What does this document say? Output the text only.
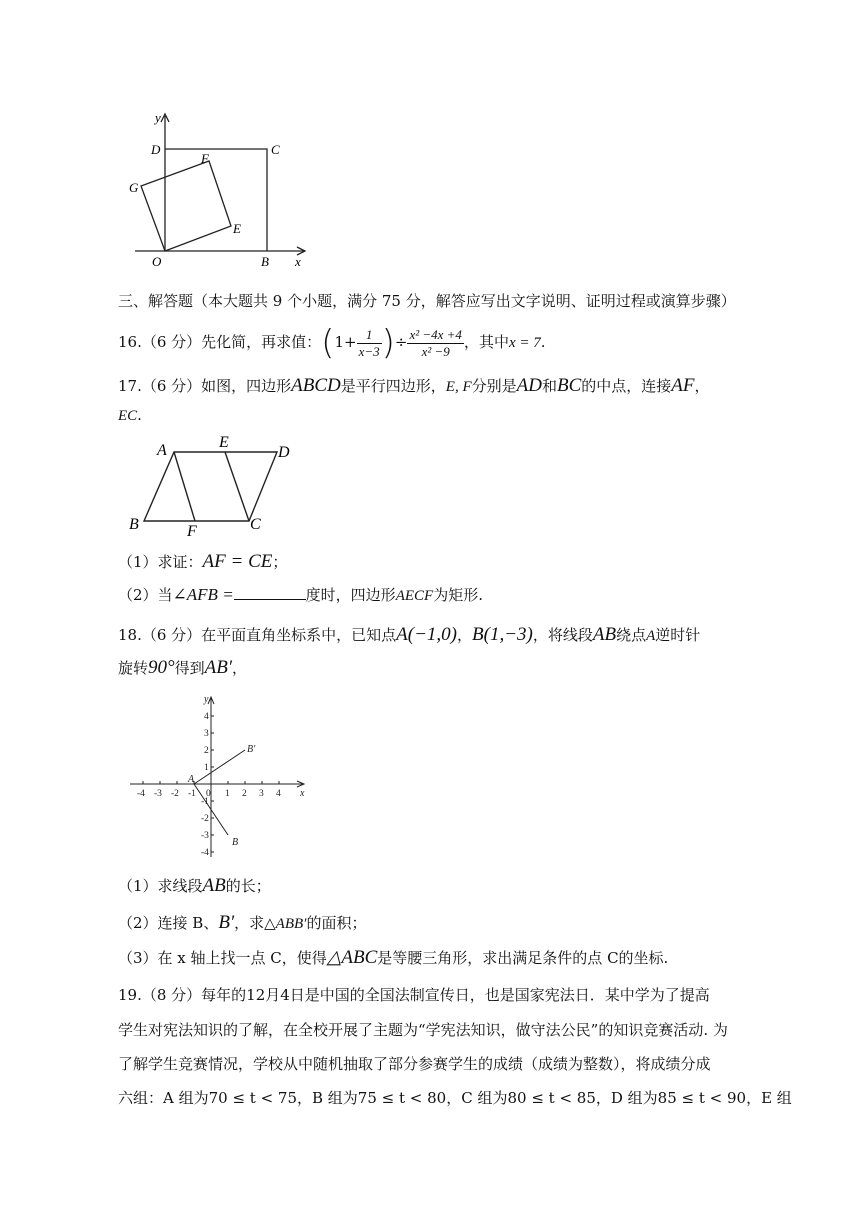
y
x
O	B
C
D
E
F
G
三、解答题（本大题共 9 个小题，满分 75 分，解答应写出文字说明、证明过程或演算步骤）
16.（6 分）先化简，再求值：($1+ \frac{1}{x-3}$ )÷ $\frac{\text{x² −4x +4}}{\text{x² −9}}$ ，其中x = 7.
17.（6 分）如图，四边形ABCD是平行四边形，E, F分别是AD和BC的中点，连接AF，
EC.
A	E
D
B	F	C
（1）求证：AF = CE；
（2）当∠AFB =	度时，四边形AECF为矩形.
18.（6 分）在平面直角坐标系中，已知点A(−1,0)，B(1,−3)，将线段AB绕点A逆时针
旋转90°得到AB′，
-4 -3 -2 -1 0 1 2 3 4
4
3
2
1
-1
-2
-3
-4
y
x
A
B
B′
（1）求线段AB的长；
（2）连接 B、B′，求△ABB′的面积；
（3）在 x 轴上找一点 C，使得△ABC是等腰三角形，求出满足条件的点 C的坐标.
19.（8 分）每年的12月4日是中国的全国法制宣传日，也是国家宪法日．某中学为了提高
学生对宪法知识的了解，在全校开展了主题为“学宪法知识，做守法公民”的知识竞赛活动. 为
了解学生竞赛情况，学校从中随机抽取了部分参赛学生的成绩（成绩为整数），将成绩分成
六组：A 组为70 ≤ t < 75，B 组为75 ≤ t < 80，C 组为80 ≤ t < 85，D 组为85 ≤ t < 90，E 组
